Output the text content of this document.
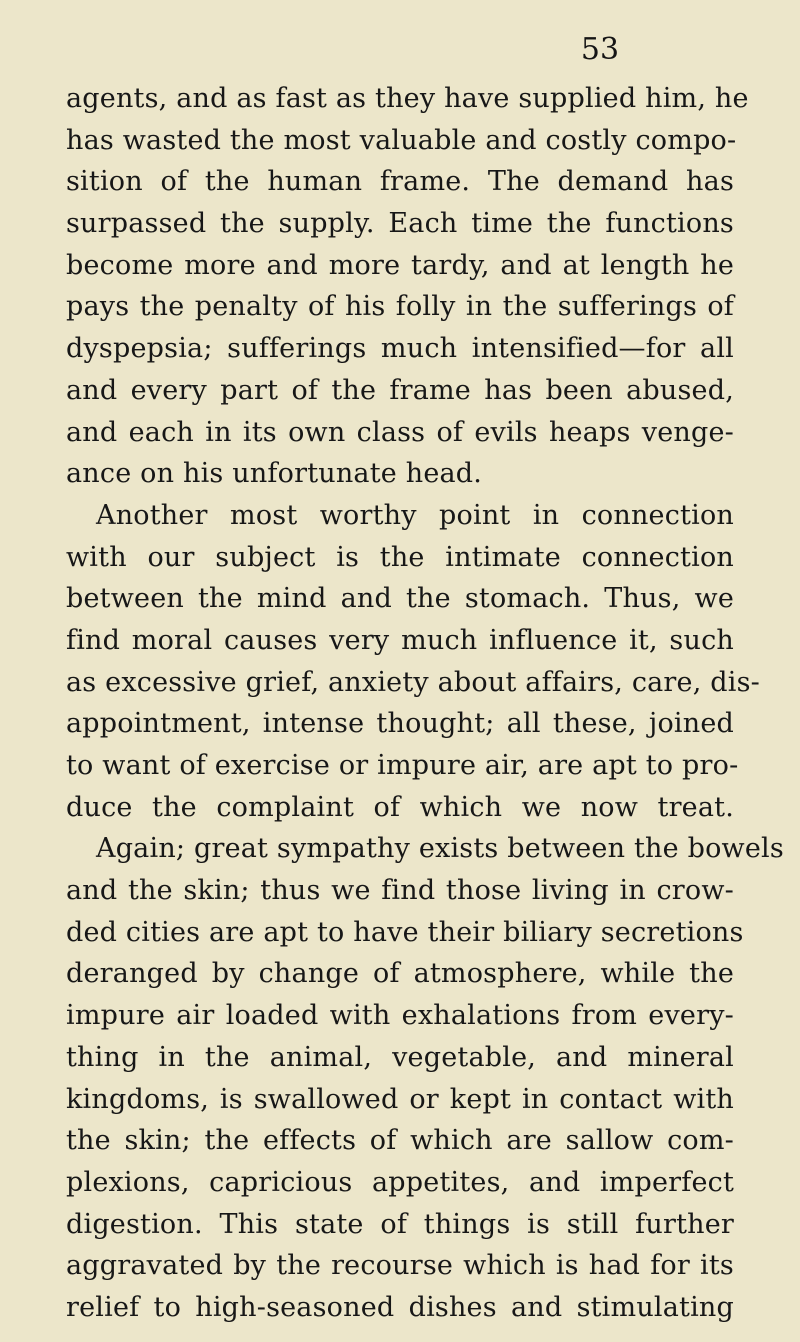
53
agents, and as fast as they have supplied him, he
has wasted the most valuable and costly compo-
sition of the human frame. The demand has
surpassed the supply. Each time the functions
become more and more tardy, and at length he
pays the penalty of his folly in the sufferings of
dyspepsia; sufferings much intensified—for all
and every part of the frame has been abused,
and each in its own class of evils heaps venge-
ance on his unfortunate head.
Another most worthy point in connection
with our subject is the intimate connection
between the mind and the stomach. Thus, we
find moral causes very much influence it, such
as excessive grief, anxiety about affairs, care, dis-
appointment, intense thought; all these, joined
to want of exercise or impure air, are apt to pro-
duce the complaint of which we now treat.
Again; great sympathy exists between the bowels
and the skin; thus we find those living in crow-
ded cities are apt to have their biliary secretions
deranged by change of atmosphere, while the
impure air loaded with exhalations from every-
thing in the animal, vegetable, and mineral
kingdoms, is swallowed or kept in contact with
the skin; the effects of which are sallow com-
plexions, capricious appetites, and imperfect
digestion. This state of things is still further
aggravated by the recourse which is had for its
relief to high-seasoned dishes and stimulating
